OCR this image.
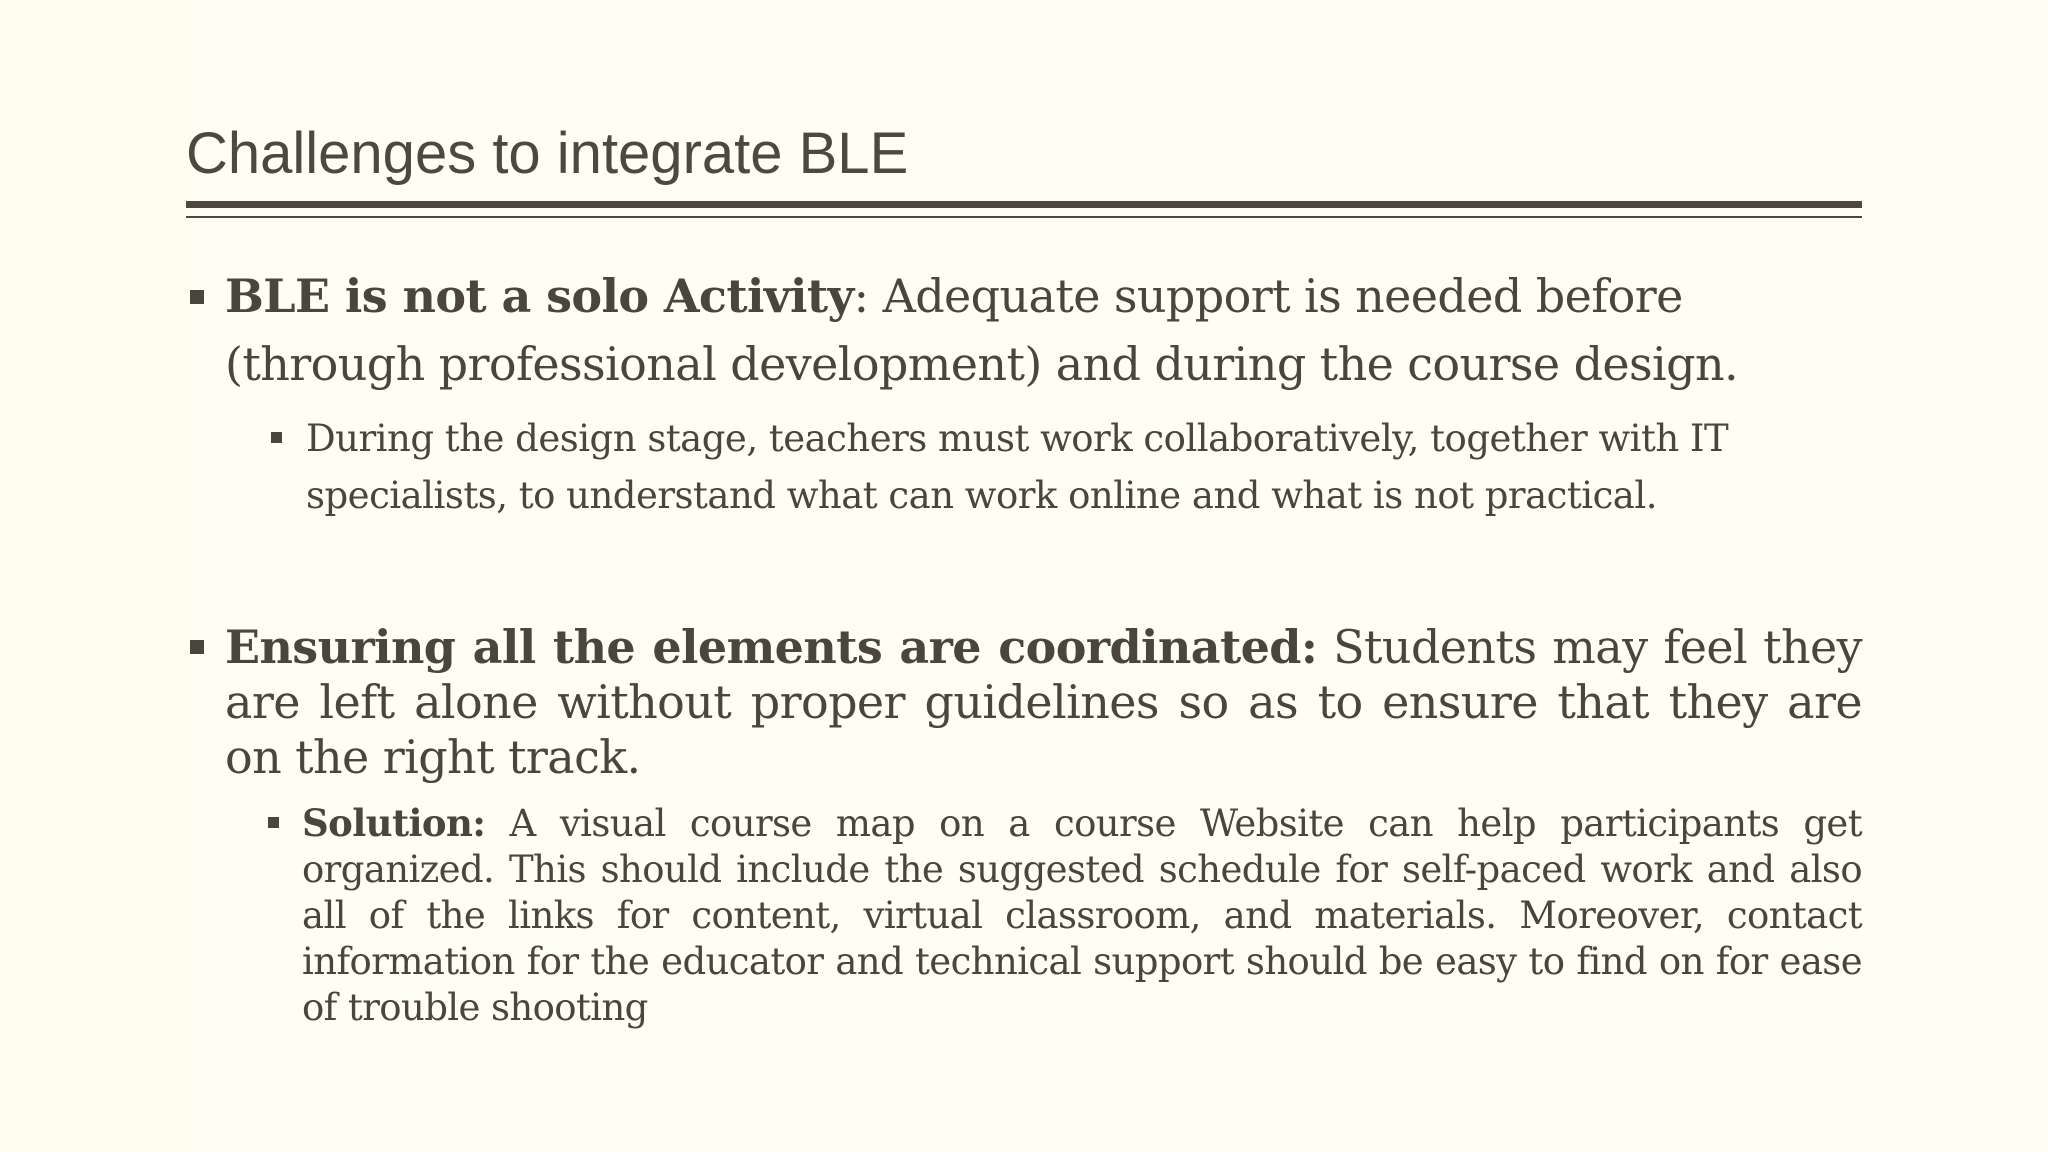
Challenges to integrate BLE
BLE is not a solo Activity: Adequate support is needed before (through professional development) and during the course design.
During the design stage, teachers must work collaboratively, together with IT specialists, to understand what can work online and what is not practical.
Ensuring all the elements are coordinated: Students may feel they are left alone without proper guidelines so as to ensure that they are on the right track.
Solution: A visual course map on a course Website can help participants get organized. This should include the suggested schedule for self-paced work and also all of the links for content, virtual classroom, and materials. Moreover, contact information for the educator and technical support should be easy to find on for ease of trouble shooting
